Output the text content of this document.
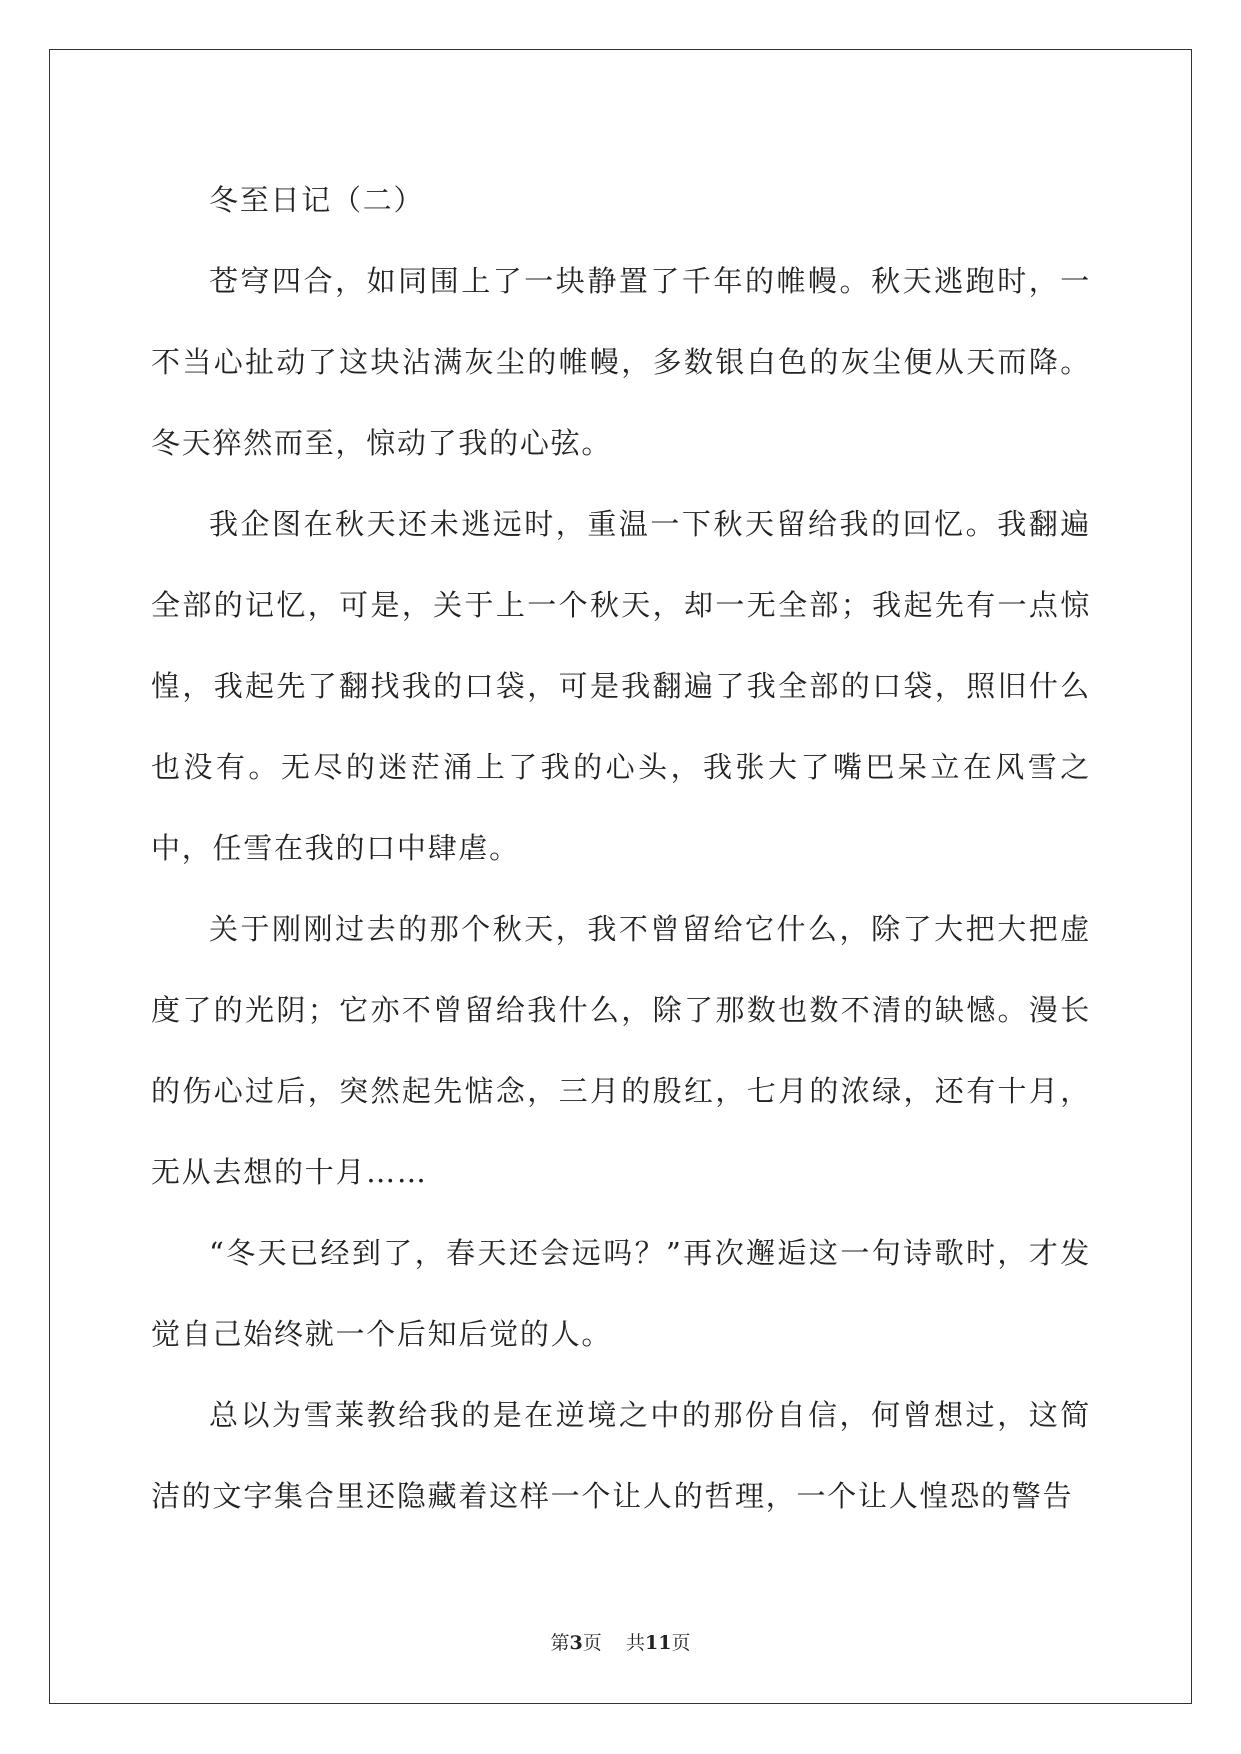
冬至日记（二）

苍穹四合，如同围上了一块静置了千年的帷幔。秋天逃跑时，一不当心扯动了这块沾满灰尘的帷幔，多数银白色的灰尘便从天而降。冬天猝然而至，惊动了我的心弦。

我企图在秋天还未逃远时，重温一下秋天留给我的回忆。我翻遍全部的记忆，可是，关于上一个秋天，却一无全部；我起先有一点惊惶，我起先了翻找我的口袋，可是我翻遍了我全部的口袋，照旧什么也没有。无尽的迷茫涌上了我的心头，我张大了嘴巴呆立在风雪之中，任雪在我的口中肆虐。

关于刚刚过去的那个秋天，我不曾留给它什么，除了大把大把虚度了的光阴；它亦不曾留给我什么，除了那数也数不清的缺憾。漫长的伤心过后，突然起先惦念，三月的殷红，七月的浓绿，还有十月，无从去想的十月……

“冬天已经到了，春天还会远吗？”再次邂逅这一句诗歌时，才发觉自己始终就一个后知后觉的人。

总以为雪莱教给我的是在逆境之中的那份自信，何曾想过，这简洁的文字集合里还隐藏着这样一个让人的哲理，一个让人惶恐的警告

第3页 共11页
